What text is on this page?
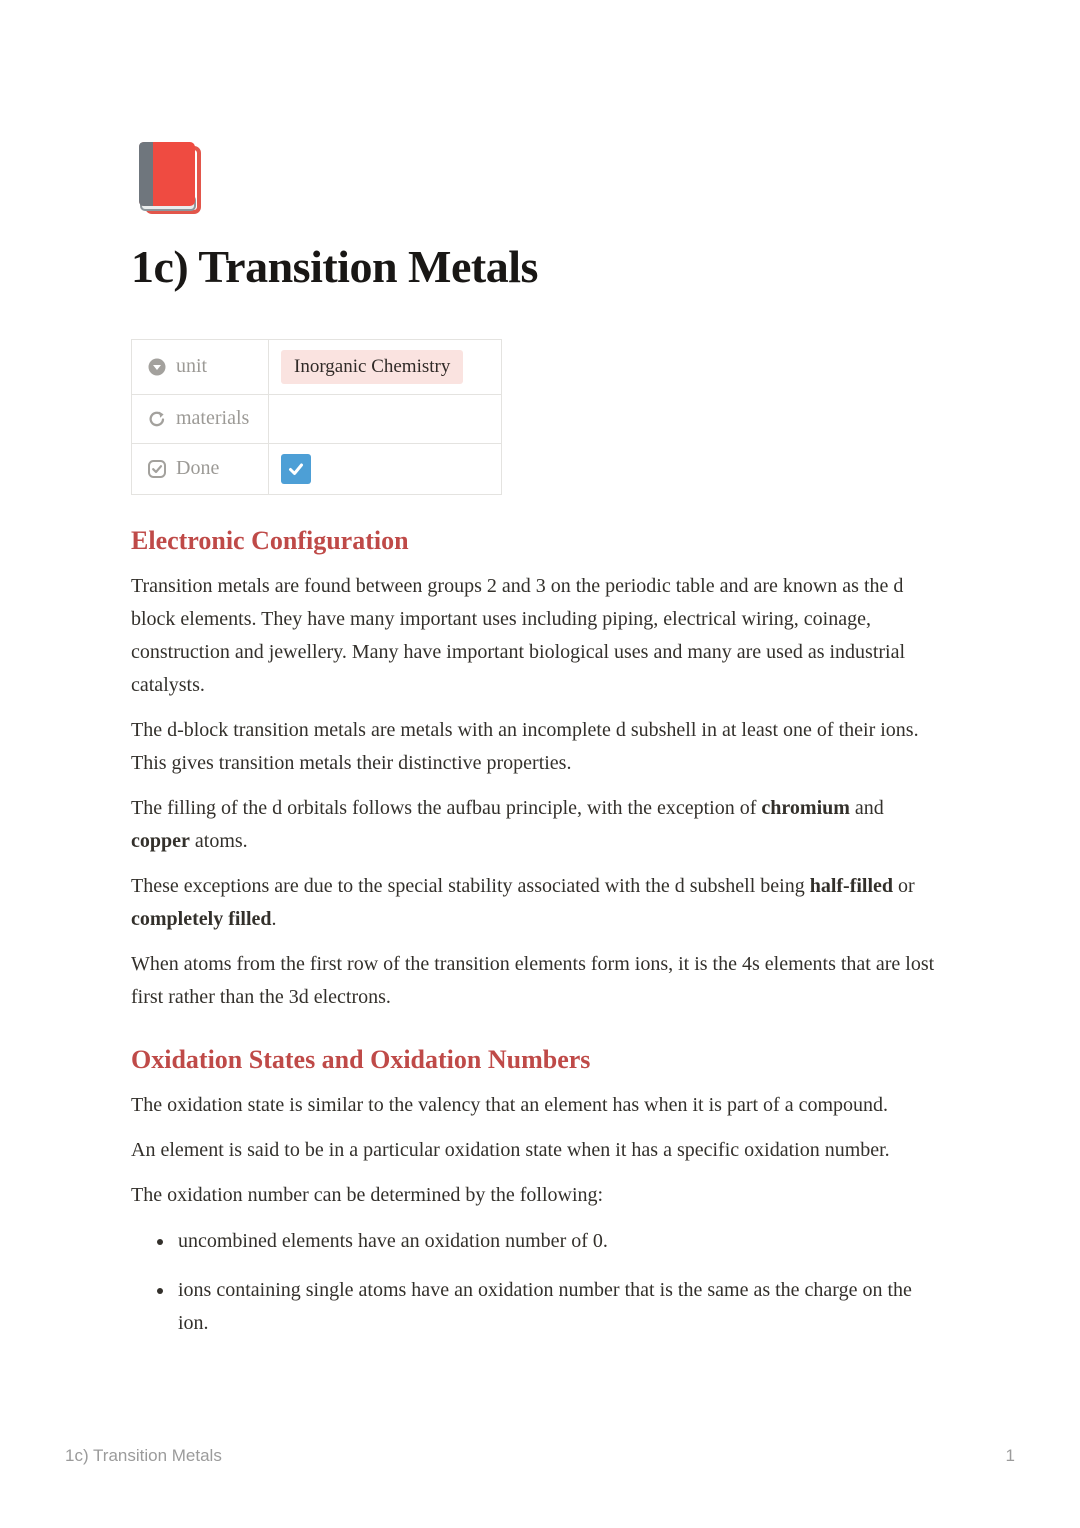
1c) Transition Metals
unit	Inorganic Chemistry

materials	

Done

Electronic Configuration

Transition metals are found between groups 2 and 3 on the periodic table and are known as the d block elements. They have many important uses including piping, electrical wiring, coinage, construction and jewellery. Many have important biological uses and many are used as industrial catalysts.

The d-block transition metals are metals with an incomplete d subshell in at least one of their ions. This gives transition metals their distinctive properties.

The filling of the d orbitals follows the aufbau principle, with the exception of chromium and copper atoms.

These exceptions are due to the special stability associated with the d subshell being half-filled or completely filled.

When atoms from the first row of the transition elements form ions, it is the 4s elements that are lost first rather than the 3d electrons.

Oxidation States and Oxidation Numbers

The oxidation state is similar to the valency that an element has when it is part of a compound.

An element is said to be in a particular oxidation state when it has a specific oxidation number.

The oxidation number can be determined by the following:

• uncombined elements have an oxidation number of 0.
• ions containing single atoms have an oxidation number that is the same as the charge on the ion.
1c) Transition Metals	1
